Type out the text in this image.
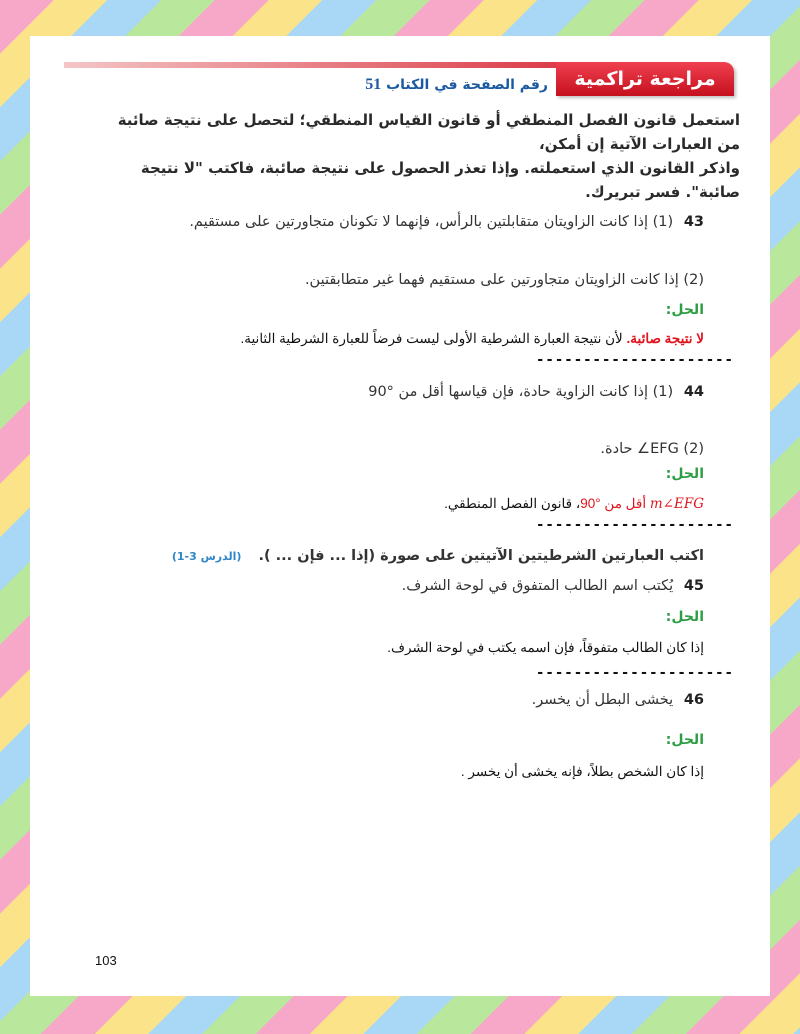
مراجعة تراكمية
رقم الصفحة في الكتاب 51
استعمل قانون الفصل المنطقي أو قانون القياس المنطقي؛ لتحصل على نتيجة صائبة من العبارات الآتية إن أمكن،
واذكر القانون الذي استعملته. وإذا تعذر الحصول على نتيجة صائبة، فاكتب "لا نتيجة صائبة". فسر تبريرك.
43 (1) إذا كانت الزاويتان متقابلتين بالرأس، فإنهما لا تكونان متجاورتين على مستقيم.
(2) إذا كانت الزاويتان متجاورتين على مستقيم فهما غير متطابقتين.
الحل:
لا نتيجة صائبة. لأن نتيجة العبارة الشرطية الأولى ليست فرضاً للعبارة الشرطية الثانية.
---------------------
44 (1) إذا كانت الزاوية حادة، فإن قياسها أقل من °90
(2) EFG∠ حادة.
الحل:
m∠EFG أقل من °90، قانون الفصل المنطقي.
---------------------
اكتب العبارتين الشرطيتين الآتيتين على صورة (إذا ... فإن ... ). (الدرس 3-1)
45 يُكتب اسم الطالب المتفوق في لوحة الشرف.
الحل:
إذا كان الطالب متفوقاً، فإن اسمه يكتب في لوحة الشرف.
---------------------
46 يخشى البطل أن يخسر.
الحل:
إذا كان الشخص بطلاً، فإنه يخشى أن يخسر .
103
